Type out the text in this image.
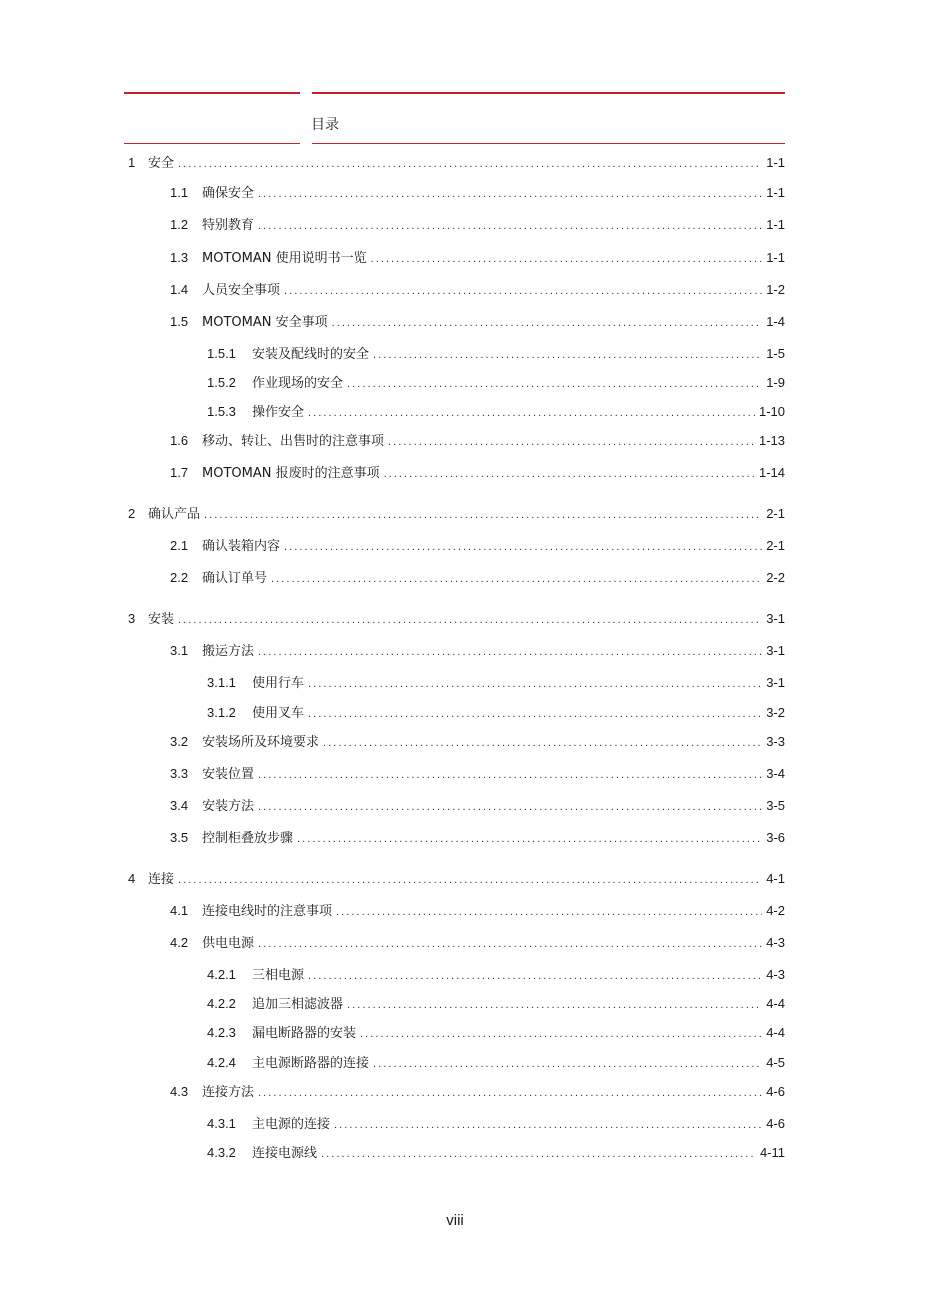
目录
1 安全 . . .	1-1
1.1	确保安全 . . .	1-1
1.2	特别教育 . . .	1-1
1.3	MOTOMAN 使用说明书一览 . . .	1-1
1.4	人员安全事项 . . .	1-2
1.5	MOTOMAN 安全事项 . . .	1-4
1.5.1	安装及配线时的安全 . . .	1-5
1.5.2	作业现场的安全 . . .	1-9
1.5.3	操作安全 . . .	1-10
1.6	移动、转让、出售时的注意事项 . . .	1-13
1.7	MOTOMAN 报废时的注意事项 . . .	1-14
2 确认产品 . . .	2-1
2.1	确认装箱内容 . . .	2-1
2.2	确认订单号 . . .	2-2
3 安装 . . .	3-1
3.1	搬运方法 . . .	3-1
3.1.1	使用行车 . . .	3-1
3.1.2	使用叉车 . . .	3-2
3.2	安装场所及环境要求 . . .	3-3
3.3	安装位置 . . .	3-4
3.4	安装方法 . . .	3-5
3.5	控制柜叠放步骤 . . .	3-6
4 连接 . . .	4-1
4.1	连接电线时的注意事项 . . .	4-2
4.2	供电电源 . . .	4-3
4.2.1	三相电源 . . .	4-3
4.2.2	追加三相滤波器 . . .	4-4
4.2.3	漏电断路器的安装 . . .	4-4
4.2.4	主电源断路器的连接 . . .	4-5
4.3	连接方法 . . .	4-6
4.3.1	主电源的连接 . . .	4-6
4.3.2	连接电源线 . . .	4-11
viii
